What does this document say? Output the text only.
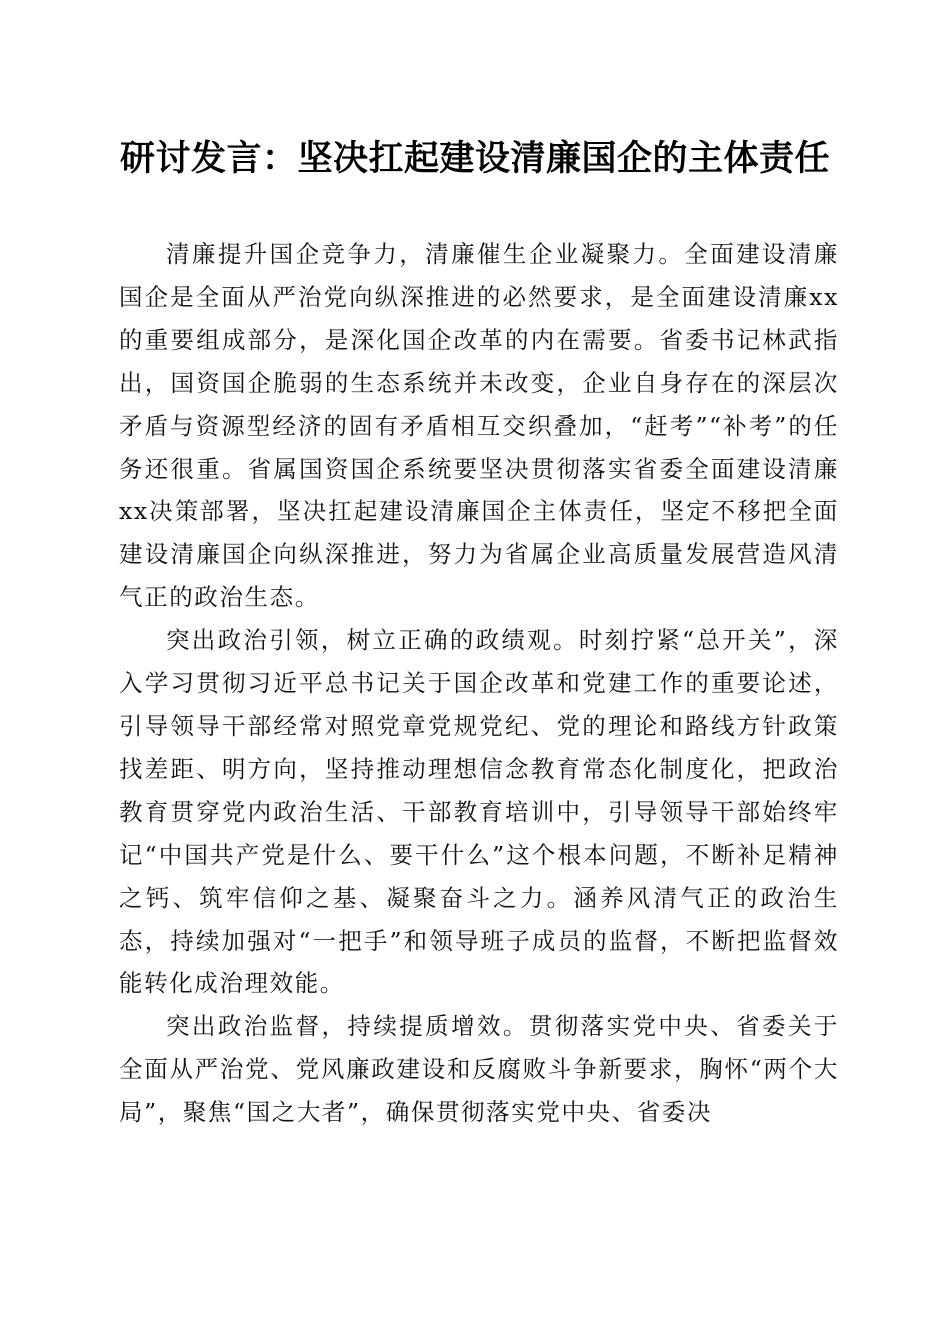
研讨发言：坚决扛起建设清廉国企的主体责任

清廉提升国企竞争力，清廉催生企业凝聚力。全面建设清廉国企是全面从严治党向纵深推进的必然要求，是全面建设清廉xx的重要组成部分，是深化国企改革的内在需要。省委书记林武指出，国资国企脆弱的生态系统并未改变，企业自身存在的深层次矛盾与资源型经济的固有矛盾相互交织叠加，“赶考”“补考”的任务还很重。省属国资国企系统要坚决贯彻落实省委全面建设清廉xx决策部署，坚决扛起建设清廉国企主体责任，坚定不移把全面建设清廉国企向纵深推进，努力为省属企业高质量发展营造风清气正的政治生态。

突出政治引领，树立正确的政绩观。时刻拧紧“总开关”，深入学习贯彻习近平总书记关于国企改革和党建工作的重要论述，引导领导干部经常对照党章党规党纪、党的理论和路线方针政策找差距、明方向，坚持推动理想信念教育常态化制度化，把政治教育贯穿党内政治生活、干部教育培训中，引导领导干部始终牢记“中国共产党是什么、要干什么”这个根本问题，不断补足精神之钙、筑牢信仰之基、凝聚奋斗之力。涵养风清气正的政治生态，持续加强对“一把手”和领导班子成员的监督，不断把监督效能转化成治理效能。

突出政治监督，持续提质增效。贯彻落实党中央、省委关于全面从严治党、党风廉政建设和反腐败斗争新要求，胸怀“两个大局”，聚焦“国之大者”，确保贯彻落实党中央、省委决
